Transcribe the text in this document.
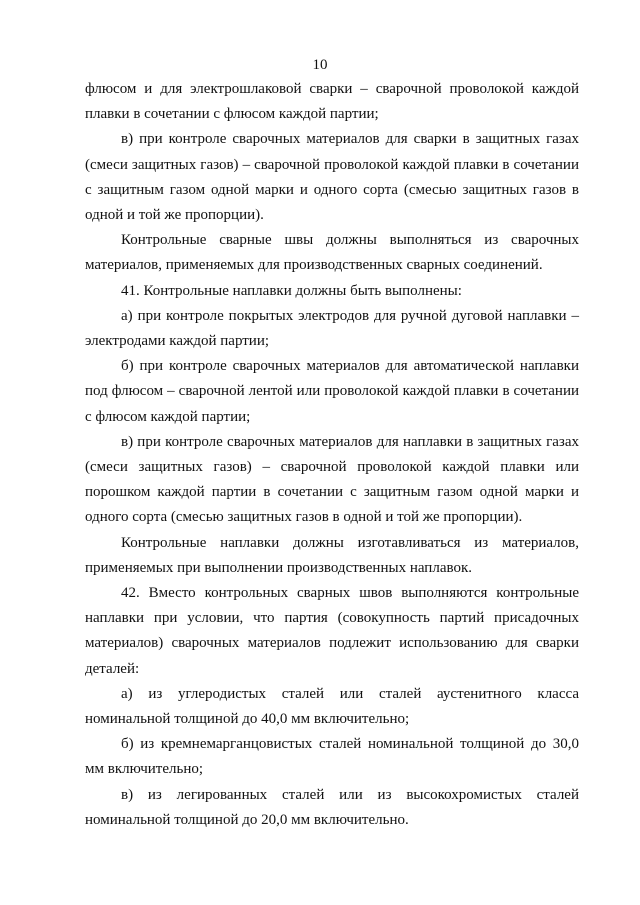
10

флюсом и для электрошлаковой сварки – сварочной проволокой каждой плавки в сочетании с флюсом каждой партии;

в) при контроле сварочных материалов для сварки в защитных газах (смеси защитных газов) – сварочной проволокой каждой плавки в сочетании с защитным газом одной марки и одного сорта (смесью защитных газов в одной и той же пропорции).

Контрольные сварные швы должны выполняться из сварочных материалов, применяемых для производственных сварных соединений.

41. Контрольные наплавки должны быть выполнены:

а) при контроле покрытых электродов для ручной дуговой наплавки – электродами каждой партии;

б) при контроле сварочных материалов для автоматической наплавки под флюсом – сварочной лентой или проволокой каждой плавки в сочетании с флюсом каждой партии;

в) при контроле сварочных материалов для наплавки в защитных газах (смеси защитных газов) – сварочной проволокой каждой плавки или порошком каждой партии в сочетании с защитным газом одной марки и одного сорта (смесью защитных газов в одной и той же пропорции).

Контрольные наплавки должны изготавливаться из материалов, применяемых при выполнении производственных наплавок.

42. Вместо контрольных сварных швов выполняются контрольные наплавки при условии, что партия (совокупность партий присадочных материалов) сварочных материалов подлежит использованию для сварки деталей:

а) из углеродистых сталей или сталей аустенитного класса номинальной толщиной до 40,0 мм включительно;

б) из кремнемарганцовистых сталей номинальной толщиной до 30,0 мм включительно;

в) из легированных сталей или из высокохромистых сталей номинальной толщиной до 20,0 мм включительно.
